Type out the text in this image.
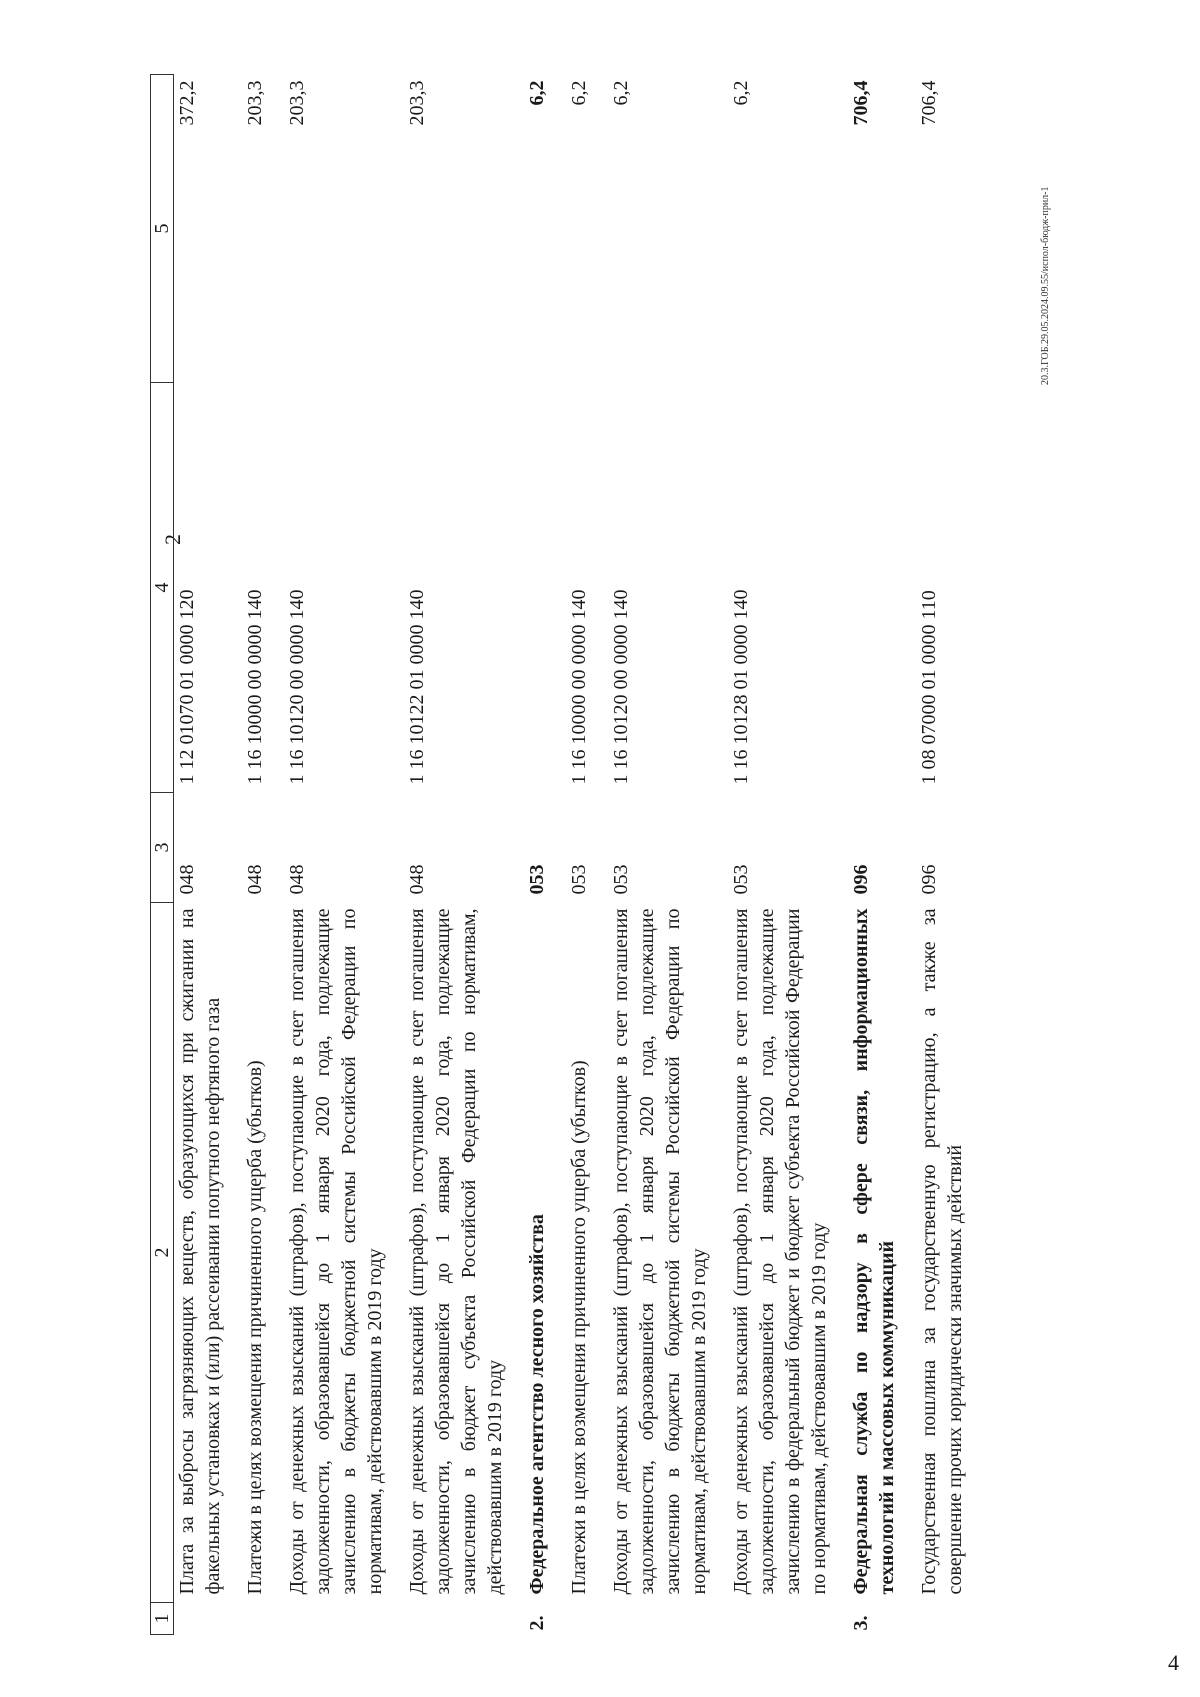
2
1	2	3	4	5
	Плата за выбросы загрязняющих веществ, образующихся при сжигании на факельных установках и (или) рассеивании попутного нефтяного газа	048	1 12 01070 01 0000 120	372,2
	Платежи в целях возмещения причиненного ущерба (убытков)	048	1 16 10000 00 0000 140	203,3
	Доходы от денежных взысканий (штрафов), поступающие в счет погашения задолженности, образовавшейся до 1 января 2020 года, подлежащие зачислению в бюджеты бюджетной системы Российской Федерации по нормативам, действовавшим в 2019 году	048	1 16 10120 00 0000 140	203,3
	Доходы от денежных взысканий (штрафов), поступающие в счет погашения задолженности, образовавшейся до 1 января 2020 года, подлежащие зачислению в бюджет субъекта Российской Федерации по нормативам, действовавшим в 2019 году	048	1 16 10122 01 0000 140	203,3
2.	Федеральное агентство лесного хозяйства	053		6,2
	Платежи в целях возмещения причиненного ущерба (убытков)	053	1 16 10000 00 0000 140	6,2
	Доходы от денежных взысканий (штрафов), поступающие в счет погашения задолженности, образовавшейся до 1 января 2020 года, подлежащие зачислению в бюджеты бюджетной системы Российской Федерации по нормативам, действовавшим в 2019 году	053	1 16 10120 00 0000 140	6,2
	Доходы от денежных взысканий (штрафов), поступающие в счет погашения задолженности, образовавшейся до 1 января 2020 года, подлежащие зачислению в федеральный бюджет и бюджет субъекта Российской Федерации по нормативам, действовавшим в 2019 году	053	1 16 10128 01 0000 140	6,2
3.	Федеральная служба по надзору в сфере связи, информационных технологий и массовых коммуникаций	096		706,4
	Государственная пошлина за государственную регистрацию, а также за совершение прочих юридически значимых действий	096	1 08 07000 01 0000 110	706,4
20.3.ГОБ.29.05.2024.09.55/испол-бюдж-прил-1
4
